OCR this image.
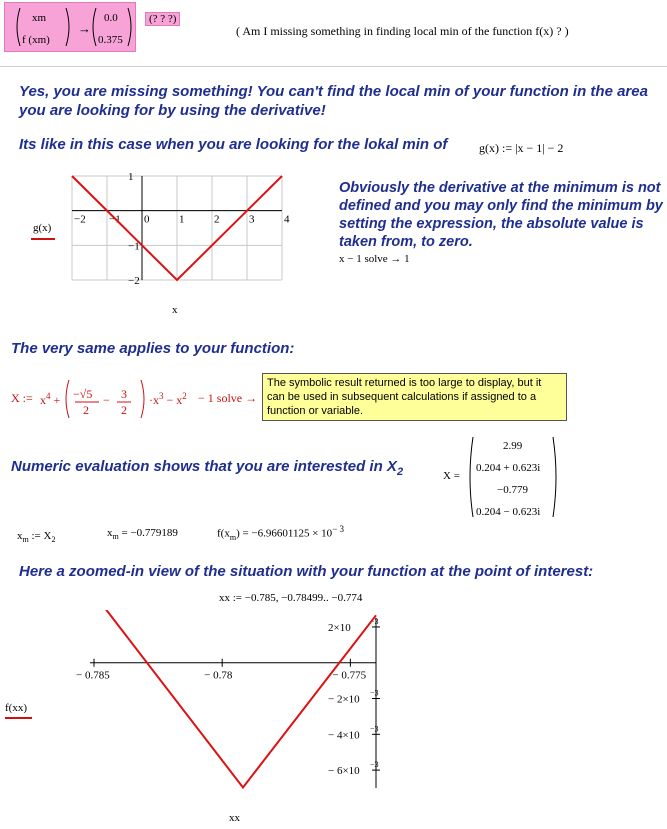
xm
f (xm)
→
0.0
0.375
(? ? ?)
( Am I missing something in finding local min of the function f(x) ? )
Yes, you are missing something! You can't find the local min of your function in the area you are looking for by using the derivative!
Its like in this case when you are looking for the lokal min of	g(x) := |x − 1| − 2
g(x)
−2 −1 0	1	2	3	4
1
−1
−2
x
Obviously the derivative at the minimum is not defined and you may only find the minimum by setting the expression, the absolute value is taken from, to zero.
x − 1 solve → 1
The very same applies to your function:
X := $x^4 + -√5$
2
− 3
2
$\cdot x^3 - x^2 - 1$ solve →
The symbolic result returned is too large to display, but it can be used in subsequent calculations if assigned to a function or variable.
Numeric evaluation shows that you are interested in $X_2$	X =
2.99
0.204 + 0.623i
−0.779
0.204 − 0.623i
$x_m$ := $X_2$
$x_m = -0.779189$	$f(x_m) = -6.96601125 \times 10^{- 3}$
Here a zoomed-in view of the situation with your function at the point of interest:
xx := −0.785, −0.78499.. −0.774
f(xx)
− 0.785	− 0.78	− 0.775
2×10
−3
− 2×10
−3
− 4×10
−3
− 6×10
−3
xx
